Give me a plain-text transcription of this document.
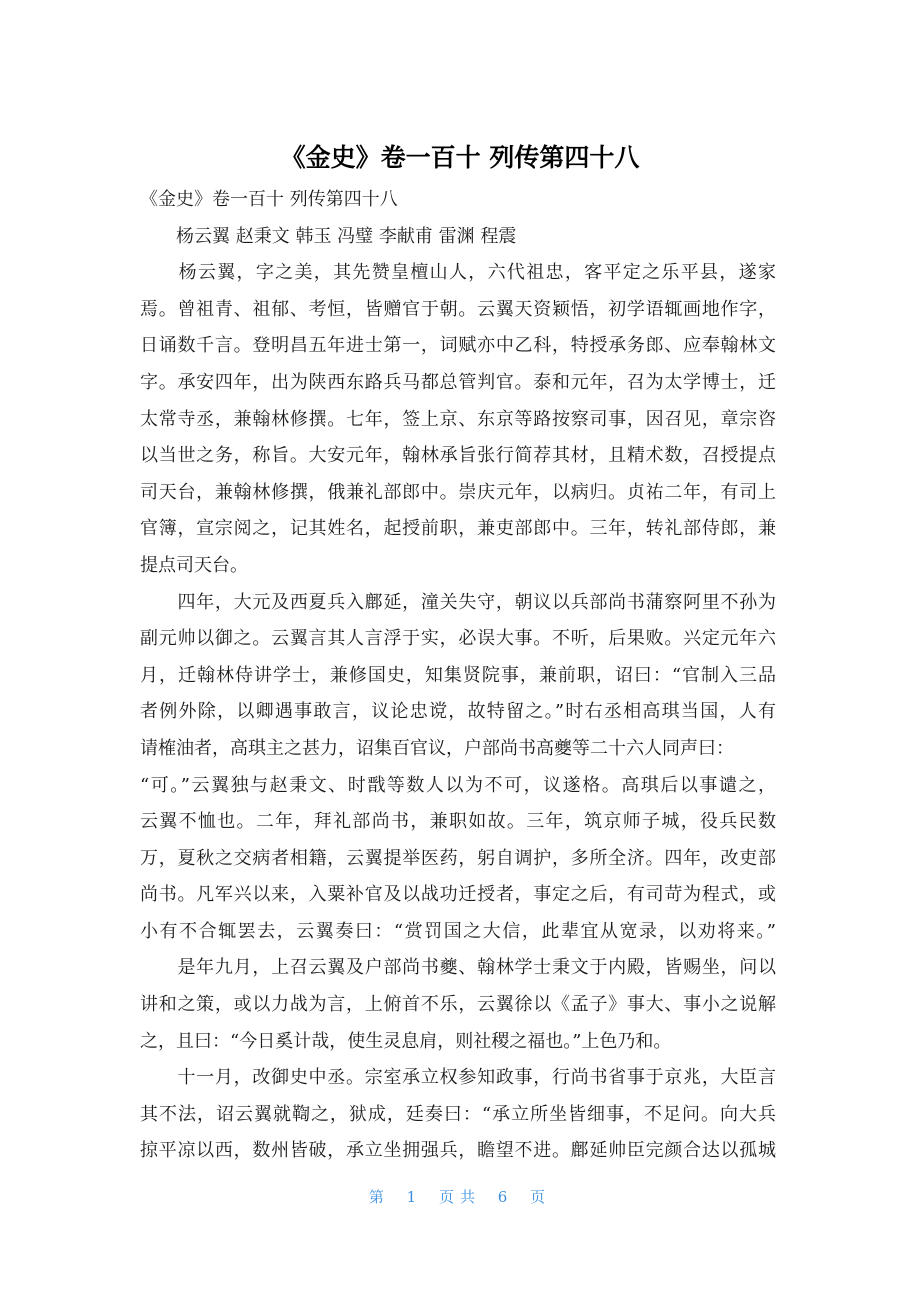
《金史》卷一百十 列传第四十八
《金史》卷一百十 列传第四十八
　　杨云翼 赵秉文 韩玉 冯璧 李献甫 雷渊 程震
　　杨云翼，字之美，其先赞皇檀山人，六代祖忠，客平定之乐平县，遂家
焉。曾祖青、祖郁、考恒，皆赠官于朝。云翼天资颖悟，初学语辄画地作字，
日诵数千言。登明昌五年进士第一，词赋亦中乙科，特授承务郎、应奉翰林文
字。承安四年，出为陕西东路兵马都总管判官。泰和元年，召为太学博士，迁
太常寺丞，兼翰林修撰。七年，签上京、东京等路按察司事，因召见，章宗咨
以当世之务，称旨。大安元年，翰林承旨张行简荐其材，且精术数，召授提点
司天台，兼翰林修撰，俄兼礼部郎中。崇庆元年，以病归。贞祐二年，有司上
官簿，宣宗阅之，记其姓名，起授前职，兼吏部郎中。三年，转礼部侍郎，兼
提点司天台。
　　四年，大元及西夏兵入鄜延，潼关失守，朝议以兵部尚书蒲察阿里不孙为
副元帅以御之。云翼言其人言浮于实，必误大事。不听，后果败。兴定元年六
月，迁翰林侍讲学士，兼修国史，知集贤院事，兼前职，诏曰：“官制入三品
者例外除，以卿遇事敢言，议论忠谠，故特留之。”时右丞相高琪当国，人有
请榷油者，高琪主之甚力，诏集百官议，户部尚书高夔等二十六人同声曰：
“可。”云翼独与赵秉文、时戬等数人以为不可，议遂格。高琪后以事谴之，
云翼不恤也。二年，拜礼部尚书，兼职如故。三年，筑京师子城，役兵民数
万，夏秋之交病者相籍，云翼提举医药，躬自调护，多所全济。四年，改吏部
尚书。凡军兴以来，入粟补官及以战功迁授者，事定之后，有司苛为程式，或
小有不合辄罢去，云翼奏曰：“赏罚国之大信，此辈宜从宽录，以劝将来。”
　　是年九月，上召云翼及户部尚书夔、翰林学士秉文于内殿，皆赐坐，问以
讲和之策，或以力战为言，上俯首不乐，云翼徐以《孟子》事大、事小之说解
之，且曰：“今日奚计哉，使生灵息肩，则社稷之福也。”上色乃和。
　　十一月，改御史中丞。宗室承立权参知政事，行尚书省事于京兆，大臣言
其不法，诏云翼就鞫之，狱成，廷奏曰：“承立所坐皆细事，不足问。向大兵
掠平凉以西，数州皆破，承立坐拥强兵，瞻望不进。鄜延帅臣完颜合达以孤城
第 1 页共 6 页
